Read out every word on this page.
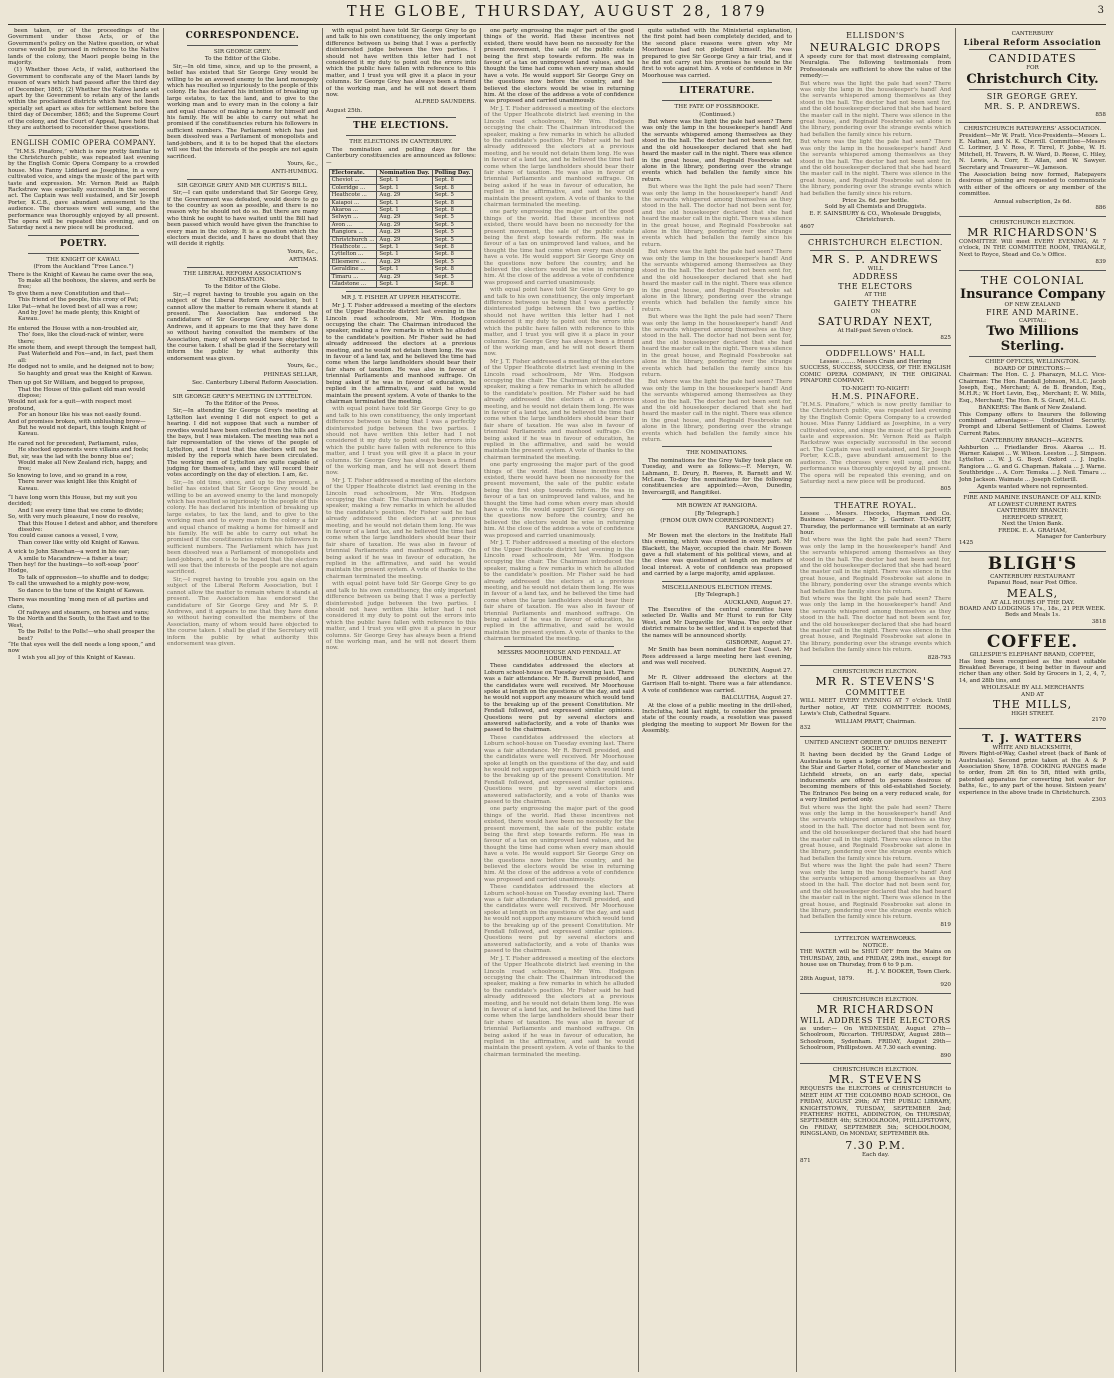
THE GLOBE, THURSDAY, AUGUST 28, 1879	3

been taken, or of the proceedings of the Government under those Acts, or of the Government's policy on the Native question, or what course would be pursued in reference to the Native lands of the colony, the Maori people being in the majority.

(1) Whether those Acts, if valid, authorised the Government to confiscate any of the Maori lands by reason of wars which had passed after the third day of December, 1865; (2) Whether the Native lands set apart by the Government to retain any of the lands within the proclaimed districts which have not been specially set apart as sites for settlement before the third day of December, 1865; and the Supreme Court of the colony, and the Court of Appeal, have held that they are authorised to reconsider these questions.

ENGLISH COMIC OPERA COMPANY.

“H.M.S. Pinafore,” which is now pretty familiar to the Christchurch public, was repeated last evening by the English Comic Opera Company to a crowded house. Miss Fanny Liddiard as Josephine, in a very cultivated voice, and sings the music of the part with taste and expression. Mr. Vernon Reid as Ralph Rackstraw was especially successful in the second act. The Captain was well sustained, and Sir Joseph Porter, K.C.B., gave abundant amusement to the audience. The choruses were well sung, and the performance was thoroughly enjoyed by all present. The opera will be repeated this evening, and on Saturday next a new piece will be produced.

POETRY.
THE KNIGHT OF KAWAU.
(From the Auckland “Free Lance.”)

There is the Knight of Kawau he came over the sea,

To make all the boohoos, the slaves, and serfs be free;

To give them a new Constitution and that—

This friend of the people, this crony of Pat;

Like Pat—what he loved best of all was a row;

And by Jove! he made plenty, this Knight of Kawau.

He entered the House with a non-troubled air,

Tho’ foes, like the cloud-rack of winter, were there;

He smote them, and swept through the tempest hall,

Past Waterfield and Fox—and, in fact, past them all:

He dodged not to smile, and he deigned not to bow;

So haughty and great was the Knight of Kawau.

Then up got Sir William, and begged to propose,

That the House of this gallant old man would dispose;

Would not ask for a quit—with respect most profound,

For an honour like his was not easily found.

And of promises broken, with unblushing brow—

But he would not depart, this tough Knight of Kawau.

He cared not for precedent, Parliament, rules,

He shocked opponents were villains and fools;

But, sir, was the lad with the bonny blue ee’;

Would make all New Zealand rich, happy, and free;

So knowing to love, and so grand in a row,

There never was knight like this Knight of Kawau.

“I have long worn this House, but my suit you decided;

And I see every time that we come to divide;

So, with very much pleasure, I now do resolve,

That this House I detest and abhor, and therefore dissolve:

You could cause canoes a vessel, I vow,

Than cower like witty old Knight of Kawau.

A wick to John Sheehan—a word in his ear;

A smile to Macandrew—a fisher a tear;

Then hey! for the hustings—to soft-soap ‘poor’ Hodge,

To talk of oppression—to shuffle and to dodge;

To call the unwashed to a mighty pow-wow,

So dance to the tune of the Knight of Kawau.

There was mounting ’mong men of all parties and clans,

Of railways and steamers, on horses and vans;

To the North and the South, to the East and to the West,

To the Polls! to the Polls!—who shall prosper the best?

“He that eyes well the dell needs a long spoon,” and now

I wish you all joy of this Knight of Kawau.

CORRESPONDENCE.
SIR GEORGE GREY.
To the Editor of the Globe.

Sir,—In old time, since, and up to the present, a belief has existed that Sir George Grey would be willing to be an avowed enemy to the land monopoly which has resulted so injuriously to the people of this colony. He has declared his intention of breaking up large estates, to tax the land, and to give to the working man and to every man in the colony a fair and equal chance of making a home for himself and his family. He will be able to carry out what he promised if the constituencies return his followers in sufficient numbers. The Parliament which has just been dissolved was a Parliament of monopolists and land-jobbers, and it is to be hoped that the electors will see that the interests of the people are not again sacrificed.

Yours, &c.,
ANTI-HUMBUG.
SIR GEORGE GREY AND MR CURTIS'S BILL.

Sir,—I can quite understand that Sir George Grey, if the Government was defeated, would desire to go to the country as soon as possible, and there is no reason why he should not do so. But there are many who think he ought to have waited until the Bill had been passed which would have given the franchise to every man in the colony. It is a question which the electors must decide, and I have no doubt that they will decide it rightly.

Yours, &c.,
ARTIMAS.
THE LIBERAL REFORM ASSOCIATION'S ENDORSATION.
To the Editor of the Globe.

Sir,—I regret having to trouble you again on the subject of the Liberal Reform Association, but I cannot allow the matter to remain where it stands at present. The Association has endorsed the candidature of Sir George Grey and Mr S. P. Andrews, and it appears to me that they have done so without having consulted the members of the Association, many of whom would have objected to the course taken. I shall be glad if the Secretary will inform the public by what authority this endorsement was given.

Yours, &c.,
PHINEAS SELLAR,
Sec. Canterbury Liberal Reform Association.
SIR GEORGE GREY'S MEETING IN LYTTELTON.
To the Editor of the Press.

Sir,—In attending Sir George Grey's meeting at Lyttelton last evening I did not expect to get a hearing. I did not suppose that such a number of rowdies would have been collected from the hills and the bays, but I was mistaken. The meeting was not a fair representation of the views of the people of Lyttelton, and I trust that the electors will not be misled by the reports which have been circulated. The working men of Lyttelton are quite capable of judging for themselves, and they will record their votes accordingly on the day of election. I am, &c.

Sir,—In old time, since, and up to the present, a belief has existed that Sir George Grey would be willing to be an avowed enemy to the land monopoly which has resulted so injuriously to the people of this colony. He has declared his intention of breaking up large estates, to tax the land, and to give to the working man and to every man in the colony a fair and equal chance of making a home for himself and his family. He will be able to carry out what he promised if the constituencies return his followers in sufficient numbers. The Parliament which has just been dissolved was a Parliament of monopolists and land-jobbers, and it is to be hoped that the electors will see that the interests of the people are not again sacrificed.

Sir,—I regret having to trouble you again on the subject of the Liberal Reform Association, but I cannot allow the matter to remain where it stands at present. The Association has endorsed the candidature of Sir George Grey and Mr S. P. Andrews, and it appears to me that they have done so without having consulted the members of the Association, many of whom would have objected to the course taken. I shall be glad if the Secretary will inform the public by what authority this endorsement was given.

with equal point have told Sir George Grey to go and talk to his own constituency, the only important difference between us being that I was a perfectly disinterested judge between the two parties. I should not have written this letter had I not considered it my duty to point out the errors into which the public have fallen with reference to this matter, and I trust you will give it a place in your columns. Sir George Grey has always been a friend of the working man, and he will not desert them now.

ALFRED SAUNDERS.

August 25th.

THE ELECTIONS.
THE ELECTIONS IN CANTERBURY.

The nomination and polling days for the Canterbury constituencies are announced as follows:—

Electorate.	Nomination Day.	Polling Day.
Cheviot ...	Sept. 1	Sept. 8
Coleridge ...	Sept. 1	Sept. 8
Heathcote ...	Aug. 29	Sept. 5
Kaiapoi ...	Sept. 1	Sept. 8
Akaroa ...	Sept. 1	Sept. 8
Selwyn ...	Aug. 29	Sept. 5
Avon ...	Aug. 29	Sept. 5
Rangiora ...	Aug. 29	Sept. 5
Christchurch ...	Aug. 29	Sept. 5
Heathcote ...	Sept. 1	Sept. 8
Lyttelton ...	Sept. 1	Sept. 8
Ellesmere ...	Aug. 29	Sept. 5
Geraldine ...	Sept. 1	Sept. 8
Timaru ...	Aug. 29	Sept. 5
Gladstone ...	Sept. 1	Sept. 8
MR J. T. FISHER AT UPPER HEATHCOTE.

Mr J. T. Fisher addressed a meeting of the electors of the Upper Heathcote district last evening in the Lincoln road schoolroom, Mr Wm. Hodgson occupying the chair. The Chairman introduced the speaker, making a few remarks in which he alluded to the candidate's position. Mr Fisher said he had already addressed the electors at a previous meeting, and he would not detain them long. He was in favour of a land tax, and he believed the time had come when the large landholders should bear their fair share of taxation. He was also in favour of triennial Parliaments and manhood suffrage. On being asked if he was in favour of education, he replied in the affirmative, and said he would maintain the present system. A vote of thanks to the chairman terminated the meeting.

with equal point have told Sir George Grey to go and talk to his own constituency, the only important difference between us being that I was a perfectly disinterested judge between the two parties. I should not have written this letter had I not considered it my duty to point out the errors into which the public have fallen with reference to this matter, and I trust you will give it a place in your columns. Sir George Grey has always been a friend of the working man, and he will not desert them now.

Mr J. T. Fisher addressed a meeting of the electors of the Upper Heathcote district last evening in the Lincoln road schoolroom, Mr Wm. Hodgson occupying the chair. The Chairman introduced the speaker, making a few remarks in which he alluded to the candidate's position. Mr Fisher said he had already addressed the electors at a previous meeting, and he would not detain them long. He was in favour of a land tax, and he believed the time had come when the large landholders should bear their fair share of taxation. He was also in favour of triennial Parliaments and manhood suffrage. On being asked if he was in favour of education, he replied in the affirmative, and said he would maintain the present system. A vote of thanks to the chairman terminated the meeting.

with equal point have told Sir George Grey to go and talk to his own constituency, the only important difference between us being that I was a perfectly disinterested judge between the two parties. I should not have written this letter had I not considered it my duty to point out the errors into which the public have fallen with reference to this matter, and I trust you will give it a place in your columns. Sir George Grey has always been a friend of the working man, and he will not desert them now.

one party engrossing the major part of the good things of the world. Had these incentives not existed, there would have been no necessity for the present movement, the sale of the public estate being the first step towards reform. He was in favour of a tax on unimproved land values, and he thought the time had come when every man should have a vote. He would support Sir George Grey on the questions now before the country, and he believed the electors would be wise in returning him. At the close of the address a vote of confidence was proposed and carried unanimously.

Mr J. T. Fisher addressed a meeting of the electors of the Upper Heathcote district last evening in the Lincoln road schoolroom, Mr Wm. Hodgson occupying the chair. The Chairman introduced the speaker, making a few remarks in which he alluded to the candidate's position. Mr Fisher said he had already addressed the electors at a previous meeting, and he would not detain them long. He was in favour of a land tax, and he believed the time had come when the large landholders should bear their fair share of taxation. He was also in favour of triennial Parliaments and manhood suffrage. On being asked if he was in favour of education, he replied in the affirmative, and said he would maintain the present system. A vote of thanks to the chairman terminated the meeting.

one party engrossing the major part of the good things of the world. Had these incentives not existed, there would have been no necessity for the present movement, the sale of the public estate being the first step towards reform. He was in favour of a tax on unimproved land values, and he thought the time had come when every man should have a vote. He would support Sir George Grey on the questions now before the country, and he believed the electors would be wise in returning him. At the close of the address a vote of confidence was proposed and carried unanimously.

with equal point have told Sir George Grey to go and talk to his own constituency, the only important difference between us being that I was a perfectly disinterested judge between the two parties. I should not have written this letter had I not considered it my duty to point out the errors into which the public have fallen with reference to this matter, and I trust you will give it a place in your columns. Sir George Grey has always been a friend of the working man, and he will not desert them now.

Mr J. T. Fisher addressed a meeting of the electors of the Upper Heathcote district last evening in the Lincoln road schoolroom, Mr Wm. Hodgson occupying the chair. The Chairman introduced the speaker, making a few remarks in which he alluded to the candidate's position. Mr Fisher said he had already addressed the electors at a previous meeting, and he would not detain them long. He was in favour of a land tax, and he believed the time had come when the large landholders should bear their fair share of taxation. He was also in favour of triennial Parliaments and manhood suffrage. On being asked if he was in favour of education, he replied in the affirmative, and said he would maintain the present system. A vote of thanks to the chairman terminated the meeting.

one party engrossing the major part of the good things of the world. Had these incentives not existed, there would have been no necessity for the present movement, the sale of the public estate being the first step towards reform. He was in favour of a tax on unimproved land values, and he thought the time had come when every man should have a vote. He would support Sir George Grey on the questions now before the country, and he believed the electors would be wise in returning him. At the close of the address a vote of confidence was proposed and carried unanimously.

Mr J. T. Fisher addressed a meeting of the electors of the Upper Heathcote district last evening in the Lincoln road schoolroom, Mr Wm. Hodgson occupying the chair. The Chairman introduced the speaker, making a few remarks in which he alluded to the candidate's position. Mr Fisher said he had already addressed the electors at a previous meeting, and he would not detain them long. He was in favour of a land tax, and he believed the time had come when the large landholders should bear their fair share of taxation. He was also in favour of triennial Parliaments and manhood suffrage. On being asked if he was in favour of education, he replied in the affirmative, and said he would maintain the present system. A vote of thanks to the chairman terminated the meeting.

MESSRS MOORHOUSE AND FENDALL AT LOBURN.

These candidates addressed the electors at Loburn school-house on Tuesday evening last. There was a fair attendance. Mr R. Burrell presided, and the candidates were well received. Mr Moorhouse spoke at length on the questions of the day, and said he would not support any measure which would tend to the breaking up of the present Constitution. Mr Fendall followed, and expressed similar opinions. Questions were put by several electors and answered satisfactorily, and a vote of thanks was passed to the chairman.

These candidates addressed the electors at Loburn school-house on Tuesday evening last. There was a fair attendance. Mr R. Burrell presided, and the candidates were well received. Mr Moorhouse spoke at length on the questions of the day, and said he would not support any measure which would tend to the breaking up of the present Constitution. Mr Fendall followed, and expressed similar opinions. Questions were put by several electors and answered satisfactorily, and a vote of thanks was passed to the chairman.

one party engrossing the major part of the good things of the world. Had these incentives not existed, there would have been no necessity for the present movement, the sale of the public estate being the first step towards reform. He was in favour of a tax on unimproved land values, and he thought the time had come when every man should have a vote. He would support Sir George Grey on the questions now before the country, and he believed the electors would be wise in returning him. At the close of the address a vote of confidence was proposed and carried unanimously.

These candidates addressed the electors at Loburn school-house on Tuesday evening last. There was a fair attendance. Mr R. Burrell presided, and the candidates were well received. Mr Moorhouse spoke at length on the questions of the day, and said he would not support any measure which would tend to the breaking up of the present Constitution. Mr Fendall followed, and expressed similar opinions. Questions were put by several electors and answered satisfactorily, and a vote of thanks was passed to the chairman.

Mr J. T. Fisher addressed a meeting of the electors of the Upper Heathcote district last evening in the Lincoln road schoolroom, Mr Wm. Hodgson occupying the chair. The Chairman introduced the speaker, making a few remarks in which he alluded to the candidate's position. Mr Fisher said he had already addressed the electors at a previous meeting, and he would not detain them long. He was in favour of a land tax, and he believed the time had come when the large landholders should bear their fair share of taxation. He was also in favour of triennial Parliaments and manhood suffrage. On being asked if he was in favour of education, he replied in the affirmative, and said he would maintain the present system. A vote of thanks to the chairman terminated the meeting.

quite satisfied with the Ministerial explanation, the first point had been completely decided, and to the second place reasons were given why Mr Moorhouse had not pledged himself. He was prepared to give Sir George Grey a fair trial, and if he did not carry out his promises he would be the first to vote against him. A vote of confidence in Mr Moorhouse was carried.

LITERATURE.
THE FATE OF FOSSBROOKE.
(Continued.)

But where was the light the pale had seen? There was only the lamp in the housekeeper's hand! And the servants whispered among themselves as they stood in the hall. The doctor had not been sent for, and the old housekeeper declared that she had heard the master call in the night. There was silence in the great house, and Reginald Fossbrooke sat alone in the library, pondering over the strange events which had befallen the family since his return.

But where was the light the pale had seen? There was only the lamp in the housekeeper's hand! And the servants whispered among themselves as they stood in the hall. The doctor had not been sent for, and the old housekeeper declared that she had heard the master call in the night. There was silence in the great house, and Reginald Fossbrooke sat alone in the library, pondering over the strange events which had befallen the family since his return.

But where was the light the pale had seen? There was only the lamp in the housekeeper's hand! And the servants whispered among themselves as they stood in the hall. The doctor had not been sent for, and the old housekeeper declared that she had heard the master call in the night. There was silence in the great house, and Reginald Fossbrooke sat alone in the library, pondering over the strange events which had befallen the family since his return.

But where was the light the pale had seen? There was only the lamp in the housekeeper's hand! And the servants whispered among themselves as they stood in the hall. The doctor had not been sent for, and the old housekeeper declared that she had heard the master call in the night. There was silence in the great house, and Reginald Fossbrooke sat alone in the library, pondering over the strange events which had befallen the family since his return.

But where was the light the pale had seen? There was only the lamp in the housekeeper's hand! And the servants whispered among themselves as they stood in the hall. The doctor had not been sent for, and the old housekeeper declared that she had heard the master call in the night. There was silence in the great house, and Reginald Fossbrooke sat alone in the library, pondering over the strange events which had befallen the family since his return.

THE NOMINATIONS.

The nominations for the Grey Valley took place on Tuesday, and were as follows:—F. Mervyn, W. Lahmann, E. Drury, R. Reeves, R. Barnett and W. McLean. To-day the nominations for the following constituencies are appointed:—Avon, Dunedin, Invercargill, and Rangitikei.

MR BOWEN AT RANGIORA.
[By Telegraph.]
(FROM OUR OWN CORRESPONDENT.)

RANGIORA, August 27.

Mr Bowen met the electors in the Institute Hall this evening, which was crowded in every part. Mr Blackett, the Mayor, occupied the chair. Mr Bowen gave a full statement of his political views, and at the close was questioned at length on matters of local interest. A vote of confidence was proposed and carried by a large majority, amid applause.

MISCELLANEOUS ELECTION ITEMS.
[By Telegraph.]

AUCKLAND, August 27.

The Executive of the central committee have selected Dr. Wallis and Mr Hurst to run for City West, and Mr Dargaville for Waipa. The only other district remains to be settled, and it is expected that the names will be announced shortly.

GISBORNE, August 27.

Mr Smith has been nominated for East Coast. Mr Rees addressed a large meeting here last evening, and was well received.

DUNEDIN, August 27.

Mr R. Oliver addressed the electors at the Garrison Hall to-night. There was a fair attendance. A vote of confidence was carried.

BALCLUTHA, August 27.

At the close of a public meeting in the drill-shed, Inchclutha, held last night, to consider the present state of the county roads, a resolution was passed pledging the meeting to support Mr Bowen for the Assembly.

ELLISDON'S
NEURALGIC DROPS

A speedy cure for that most distressing complaint, Neuralgia. The following testimonials from Professionals are sufficient to show the value of the remedy:—

But where was the light the pale had seen? There was only the lamp in the housekeeper's hand! And the servants whispered among themselves as they stood in the hall. The doctor had not been sent for, and the old housekeeper declared that she had heard the master call in the night. There was silence in the great house, and Reginald Fossbrooke sat alone in the library, pondering over the strange events which had befallen the family since his return.

But where was the light the pale had seen? There was only the lamp in the housekeeper's hand! And the servants whispered among themselves as they stood in the hall. The doctor had not been sent for, and the old housekeeper declared that she had heard the master call in the night. There was silence in the great house, and Reginald Fossbrooke sat alone in the library, pondering over the strange events which had befallen the family since his return.

Price 2s. 6d. per bottle.
Sold by all Chemists and Druggists.
E. F. SAINSBURY & CO., Wholesale Druggists, Christchurch.
4607
CHRISTCHURCH ELECTION.
MR S. P. ANDREWS
WILL
ADDRESS
THE ELECTORS
AT THE
GAIETY THEATRE
ON
SATURDAY NEXT,
At Half-past Seven o'clock.
825
ODDFELLOWS' HALL
Lessee ........ Messrs Crain and Herring

SUCCESS, SUCCESS, SUCCESS, OF THE ENGLISH COMIC OPERA COMPANY, IN THE ORIGINAL PINAFORE COMPANY.

TO-NIGHT! TO-NIGHT!
H.M.S. PINAFORE.

“H.M.S. Pinafore,” which is now pretty familiar to the Christchurch public, was repeated last evening by the English Comic Opera Company to a crowded house. Miss Fanny Liddiard as Josephine, in a very cultivated voice, and sings the music of the part with taste and expression. Mr. Vernon Reid as Ralph Rackstraw was especially successful in the second act. The Captain was well sustained, and Sir Joseph Porter, K.C.B., gave abundant amusement to the audience. The choruses were well sung, and the performance was thoroughly enjoyed by all present. The opera will be repeated this evening, and on Saturday next a new piece will be produced.

805
THEATRE ROYAL.

Lessee ... Messrs. Hiscocks, Hayman and Co. Business Manager ... Mr J. Gardner. TO-NIGHT, Thursday, the performance will terminate at an early hour.

But where was the light the pale had seen? There was only the lamp in the housekeeper's hand! And the servants whispered among themselves as they stood in the hall. The doctor had not been sent for, and the old housekeeper declared that she had heard the master call in the night. There was silence in the great house, and Reginald Fossbrooke sat alone in the library, pondering over the strange events which had befallen the family since his return.

But where was the light the pale had seen? There was only the lamp in the housekeeper's hand! And the servants whispered among themselves as they stood in the hall. The doctor had not been sent for, and the old housekeeper declared that she had heard the master call in the night. There was silence in the great house, and Reginald Fossbrooke sat alone in the library, pondering over the strange events which had befallen the family since his return.

828-793
CHRISTCHURCH ELECTION.
MR R. STEVENS'S
COMMITTEE

WILL MEET EVERY EVENING AT 7 o'clock. Until further notice, AT THE COMMITTEE ROOMS, Lewis's Club, Cathedral Square.

WILLIAM PRATT, Chairman.
832
UNITED ANCIENT ORDER OF DRUIDS BENEFIT SOCIETY.

It having been decided by the Grand Lodge of Australasia to open a lodge of the above society in the Star and Garter Hotel, corner of Manchester and Lichfield streets, on an early date, special inducements are offered to persons desirous of becoming members of this old-established Society. The Entrance Fee being on a very reduced scale, for a very limited period only.

But where was the light the pale had seen? There was only the lamp in the housekeeper's hand! And the servants whispered among themselves as they stood in the hall. The doctor had not been sent for, and the old housekeeper declared that she had heard the master call in the night. There was silence in the great house, and Reginald Fossbrooke sat alone in the library, pondering over the strange events which had befallen the family since his return.

But where was the light the pale had seen? There was only the lamp in the housekeeper's hand! And the servants whispered among themselves as they stood in the hall. The doctor had not been sent for, and the old housekeeper declared that she had heard the master call in the night. There was silence in the great house, and Reginald Fossbrooke sat alone in the library, pondering over the strange events which had befallen the family since his return.

819
LYTTELTON WATERWORKS.
NOTICE.

THE WATER will be SHUT OFF from the Mains on THURSDAY, 28th, and FRIDAY, 29th inst., except for house use on Thursday, from 6 to 9 p.m.

H. J. V. BOOKER, Town Clerk.
28th August, 1879.
920
CHRISTCHURCH ELECTION.
MR RICHARDSON
WILL ADDRESS THE ELECTORS

as under:— On WEDNESDAY, August 27th—Schoolroom, Riccarton. THURSDAY, August 28th—Schoolroom, Sydenham. FRIDAY, August 29th—Schoolroom, Phillipstown. At 7.30 each evening.

890
CHRISTCHURCH ELECTION.
MR. STEVENS

REQUESTS the ELECTORS of CHRISTCHURCH to MEET HIM AT THE COLOMBO ROAD SCHOOL, On FRIDAY, AUGUST 29th; AT THE PUBLIC LIBRARY, KNIGHTSTOWN, TUESDAY, SEPTEMBER 2nd; FEATHERS' HOTEL, ADDINGTON, On THURSDAY, SEPTEMBER 4th; SCHOOLROOM, PHILLIPSTOWN, On FRIDAY, SEPTEMBER 5th; SCHOOLROOM, RINGSLAND, On MONDAY, SEPTEMBER 8th.

7.30 P.M.
Each day.
871
CANTERBURY
Liberal Reform Association
CANDIDATES
FOR
Christchurch City.
SIR GEORGE GREY.
MR. S. P. ANDREWS.
858
CHRISTCHURCH RATEPAYERS' ASSOCIATION.

President—Mr W. Pratt. Vice-Presidents—Messrs L. E. Nathan, and N. K. Cherrill. Committee—Messrs C. Lorimer, J. V. Ross, F. Tirrel, F. Jobbe, W. H. Mitchell, H. Travers, R. W. Ward, D. Reese, C. Hiley, N. Lewis, A. Corr, E. Allan, and W. Sawyer. Secretary and Treasurer—W. Jameson.

The Association being now formed, Ratepayers desirous of joining are requested to communicate with either of the officers or any member of the committee.

Annual subscription, 2s 6d.
886
CHRISTCHURCH ELECTION.
MR RICHARDSON'S

COMMITTEE Will meet EVERY EVENING, At 7 o'clock, IN THE COMMITTEE ROOM, TRIANGLE, Next to Royce, Stead and Co.'s Office.

839
THE COLONIAL
Insurance Company
OF NEW ZEALAND
FIRE AND MARINE.
CAPITAL:
Two Millions Sterling.
CHIEF OFFICES, WELLINGTON.
BOARD OF DIRECTORS:—

Chairman: The Hon. C. J. Pharazyn, M.L.C. Vice-Chairman: The Hon. Randall Johnson, M.L.C. Jacob Joseph, Esq., Merchant; A. de B. Brandon, Esq., M.H.R.; W. Hort Levin, Esq., Merchant; E. W. Mills, Esq., Merchant; The Hon. R. S. Grant, M.L.C.

BANKERS: The Bank of New Zealand.

This Company offers to Insurers the following combined advantages:— Undoubted Security. Prompt and Liberal Settlement of Claims. Lowest Current Rates.

CANTERBURY BRANCH—AGENTS.

Ashburton ... Friedlander Bros. Akaroa ... H. Warner. Kaiapoi ... W. Wilson. Leeston ... J. Simpson. Lyttelton ... W. J. G. Boyd. Oxford ... J. Inglis. Rangiora ... G. and G. Chapman. Rakaia ... J. Warne. Southbridge ... A. Corr. Temuka ... J. Neil. Timaru ... John Jackson. Waimate ... Joseph Cotterill.

Agents wanted where not represented.
FIRE AND MARINE INSURANCE OF ALL KIND:
AT LOWEST CURRENT RATES
CANTERBURY BRANCH:
HEREFORD STREET,
Next the Union Bank.
FREDK. E. A. GRAHAM,
Manager for Canterbury
1425
BLIGH'S
CANTERBURY RESTAURANT
Papanui Road, near Post Office.
MEALS,
AT ALL HOURS OF THE DAY.
BOARD AND LODGINGS 17s., 18s., 21 PER WEEK.
Beds and Meals 1s.
3818
COFFEE.
GILLESPIE'S ELEPHANT BRAND, COFFEE,

Has long been recognised as the most suitable Breakfast Beverage, it being better in flavour and richer than any other. Sold by Grocers in 1, 2, 4, 7, 14, and 28lb tins, and

WHOLESALE BY ALL MERCHANTS
AND AT
THE MILLS,
HIGH STREET.
2170
T. J. WATTERS
WHITE AND BLACKSMITH,

Rivers Right-of-Way, Cashel street (back of Bank of Australasia). Second prize taken at the A & P Association Show, 1878. COOKING RANGES made to order, from 2ft 6in to 5ft, fitted with grills, patented apparatus for converting hot water for baths, &c., to any part of the house. Sixteen years' experience in the above trade in Christchurch.

2303
